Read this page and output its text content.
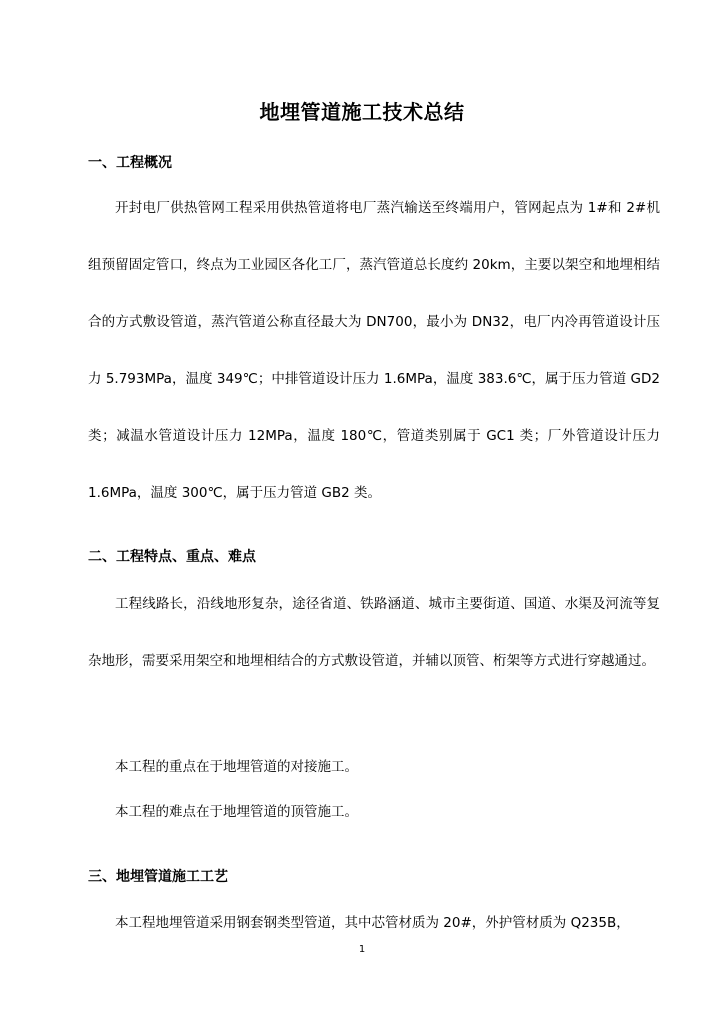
地埋管道施工技术总结
一、工程概况

开封电厂供热管网工程采用供热管道将电厂蒸汽输送至终端用户，管网起点为 1#和 2#机组预留固定管口，终点为工业园区各化工厂，蒸汽管道总长度约 20km，主要以架空和地埋相结合的方式敷设管道，蒸汽管道公称直径最大为 DN700，最小为 DN32，电厂内冷再管道设计压力 5.793MPa，温度 349℃；中排管道设计压力 1.6MPa，温度 383.6℃，属于压力管道 GD2 类；减温水管道设计压力 12MPa，温度 180℃，管道类别属于 GC1 类；厂外管道设计压力 1.6MPa，温度 300℃，属于压力管道 GB2 类。

二、工程特点、重点、难点

工程线路长，沿线地形复杂，途径省道、铁路涵道、城市主要街道、国道、水渠及河流等复杂地形，需要采用架空和地埋相结合的方式敷设管道，并辅以顶管、桁架等方式进行穿越通过。

本工程的重点在于地埋管道的对接施工。

本工程的难点在于地埋管道的顶管施工。

三、地埋管道施工工艺

本工程地埋管道采用钢套钢类型管道，其中芯管材质为 20#，外护管材质为 Q235B，

1
